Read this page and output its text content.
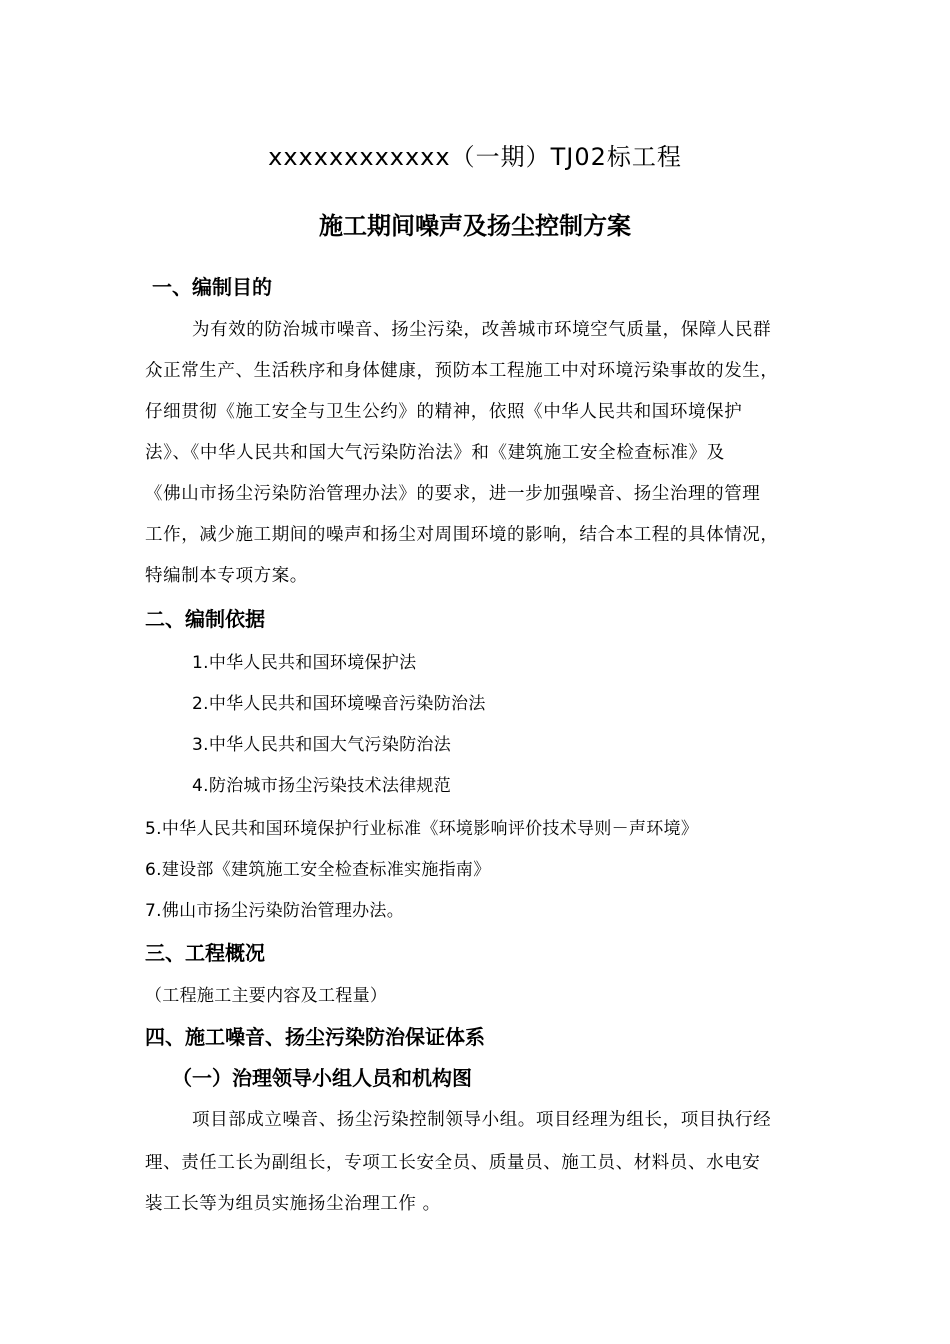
xxxxxxxxxxxx（一期）TJ02标工程
施工期间噪声及扬尘控制方案
一、编制目的
为有效的防治城市噪音、扬尘污染，改善城市环境空气质量，保障人民群
众正常生产、生活秩序和身体健康，预防本工程施工中对环境污染事故的发生，
仔细贯彻《施工安全与卫生公约》的精神，依照《中华人民共和国环境保护
法》、《中华人民共和国大气污染防治法》和《建筑施工安全检查标准》及
《佛山市扬尘污染防治管理办法》的要求，进一步加强噪音、扬尘治理的管理
工作，减少施工期间的噪声和扬尘对周围环境的影响，结合本工程的具体情况，
特编制本专项方案。
二、编制依据
1.中华人民共和国环境保护法
2.中华人民共和国环境噪音污染防治法
3.中华人民共和国大气污染防治法
4.防治城市扬尘污染技术法律规范
5.中华人民共和国环境保护行业标准《环境影响评价技术导则－声环境》
6.建设部《建筑施工安全检查标准实施指南》
7.佛山市扬尘污染防治管理办法。
三、工程概况
（工程施工主要内容及工程量）
四、施工噪音、扬尘污染防治保证体系
（一）治理领导小组人员和机构图
项目部成立噪音、扬尘污染控制领导小组。项目经理为组长，项目执行经
理、责任工长为副组长，专项工长安全员、质量员、施工员、材料员、水电安
装工长等为组员实施扬尘治理工作 。
